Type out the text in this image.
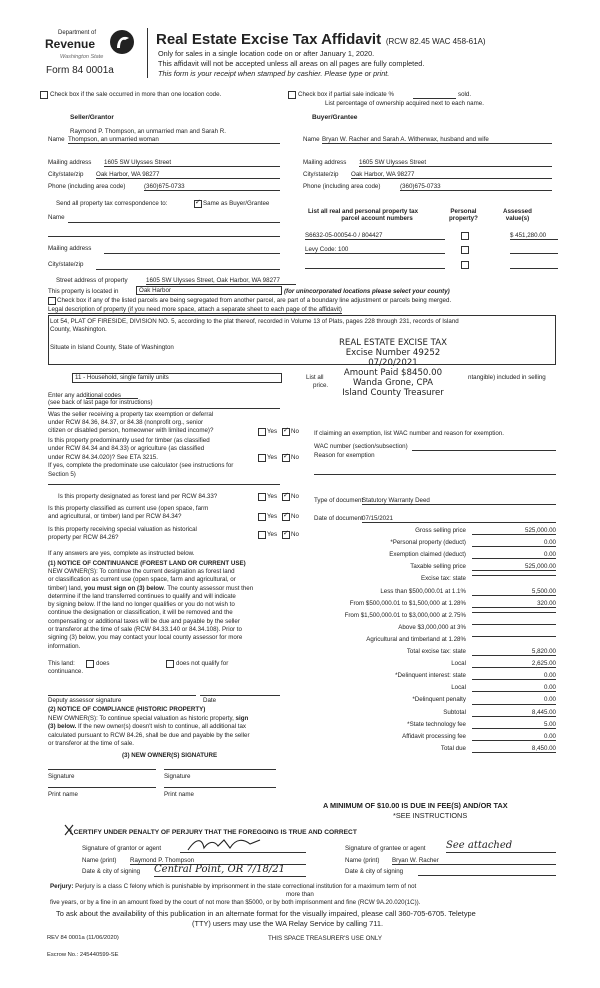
Department of
Revenue
Washington State
Form 84 0001a
Real Estate Excise Tax Affidavit (RCW 82.45 WAC 458-61A)
Only for sales in a single location code on or after January 1, 2020.
This affidavit will not be accepted unless all areas on all pages are fully completed.
This form is your receipt when stamped by cashier. Please type or print.
Check box if the sale occurred in more than one location code.	Check box if partial sale indicate %	sold.
List percentage of ownership acquired next to each name.
Seller/Grantor
Raymond P. Thompson, an unmarried man and Sarah R.
Name Thompson, an unmarried woman
Mailing address 1605 SW Ulysses Street
City/state/zip Oak Harbor, WA 98277
Phone (including area code)	(360)675-0733
Buyer/Grantee
Name Bryan W. Racher and Sarah A. Witherwax, husband and wife
Mailing address 1605 SW Ulysses Street
City/state/zip Oak Harbor, WA 98277
Phone (including area code)	(360)675-0733
Send all property tax correspondence to: ✓	Same as Buyer/Grantee
Name
Mailing address
City/state/zip
List all real and personal property tax
parcel account numbers
Personal
property?
Assessed
value(s)
S6632-05-00054-0 / 804427	$ 451,280.00
Levy Code: 100
Street address of property	1605 SW Ulysses Street, Oak Harbor, WA 98277
This property is located in	Oak Harbor	(for unincorporated locations please select your county)
Check box if any of the listed parcels are being segregated from another parcel, are part of a boundary line adjustment or parcels being merged.
Legal description of property (if you need more space, attach a separate sheet to each page of the affidavit)
Lot 54, PLAT OF FIRESIDE, DIVISION NO. 5, according to the plat thereof, recorded in Volume 13 of Plats, pages 228 through 231, records of Island
County, Washington.
Situate in Island County, State of Washington	REAL ESTATE EXCISE TAX
Excise Number 49252
07/20/2021
Amount Paid $8450.00
Wanda Grone, CPA
Island County Treasurer
11 - Household, single family units	List all	ntangible) included in selling
price.
Enter any additional codes
(see back of last page for instructions)
Was the seller receiving a property tax exemption or deferral
under RCW 84.36, 84.37, or 84.38 (nonprofit org., senior
citizen or disabled person, homeowner with limited income)?	Yes ✓ No
Is this property predominantly used for timber (as classified
under RCW 84.34 and 84.33) or agriculture (as classified
under RCW 84.34.020)? See ETA 3215.
If yes, complete the predominate use calculator (see instructions for
Section 5)
Yes ✓ No
Is this property designated as forest land per RCW 84.33?	Yes ✓ No
Is this property classified as current use (open space, farm
and agricultural, or timber) land per RCW 84.34?	Yes ✓ No
Is this property receiving special valuation as historical
property per RCW 84.26?	Yes ✓ No
If any answers are yes, complete as instructed below.
(1) NOTICE OF CONTINUANCE (FOREST LAND OR CURRENT USE)
NEW OWNER(S): To continue the current designation as forest land
or classification as current use (open space, farm and agricultural, or
timber) land, you must sign on (3) below. The county assessor must then
determine if the land transferred continues to qualify and will indicate
by signing below. If the land no longer qualifies or you do not wish to
continue the designation or classification, it will be removed and the
compensating or additional taxes will be due and payable by the seller
or transferor at the time of sale (RCW 84.33.140 or 84.34.108). Prior to
signing (3) below, you may contact your local county assessor for more
information.
This land:	does	does not qualify for
continuance.
Deputy assessor signature	Date
(2) NOTICE OF COMPLIANCE (HISTORIC PROPERTY)
NEW OWNER(S): To continue special valuation as historic property, sign
(3) below. If the new owner(s) doesn't wish to continue, all additional tax
calculated pursuant to RCW 84.26, shall be due and payable by the seller
or transferor at the time of sale.
(3) NEW OWNER(S) SIGNATURE
Signature	Signature
Print name	Print name
If claiming an exemption, list WAC number and reason for exemption.
WAC number (section/subsection)
Reason for exemption
Type of document
Statutory Warranty Deed
Date of document 07/15/2021
Gross selling price	525,000.00
*Personal property (deduct)	0.00
Exemption claimed (deduct)	0.00
Taxable selling price	525,000.00
Excise tax: state
Less than $500,000.01 at 1.1%	5,500.00
From $500,000.01 to $1,500,000 at 1.28%	320.00
From $1,500,000.01 to $3,000,000 at 2.75%
Above $3,000,000 at 3%
Agricultural and timberland at 1.28%
Total excise tax: state	5,820.00
Local	2,625.00
*Delinquent interest: state	0.00
Local	0.00
*Delinquent penalty	0.00
Subtotal	8,445.00
*State technology fee	5.00
Affidavit processing fee	0.00
Total due	8,450.00
A MINIMUM OF $10.00 IS DUE IN FEE(S) AND/OR TAX
*SEE INSTRUCTIONS
I CERTIFY UNDER PENALTY OF PERJURY THAT THE FOREGOING IS TRUE AND CORRECT
Signature of grantor or agent
Name (print) Raymond P. Thompson
Date & city of signing Central Point, OR 7/18/21
Signature of grantee or agent See attached
Name (print) Bryan W. Racher
Date & city of signing
Perjury: Perjury is a class C felony which is punishable by imprisonment in the state correctional institution for a maximum term of not
more than
five years, or by a fine in an amount fixed by the court of not more than $5000, or by both imprisonment and fine (RCW 9A.20.020(1C)).
To ask about the availability of this publication in an alternate format for the visually impaired, please call 360-705-6705. Teletype
(TTY) users may use the WA Relay Service by calling 711.
REV 84 0001a (11/06/2020)	THIS SPACE TREASURER'S USE ONLY
Escrow No.: 245440599-SE
